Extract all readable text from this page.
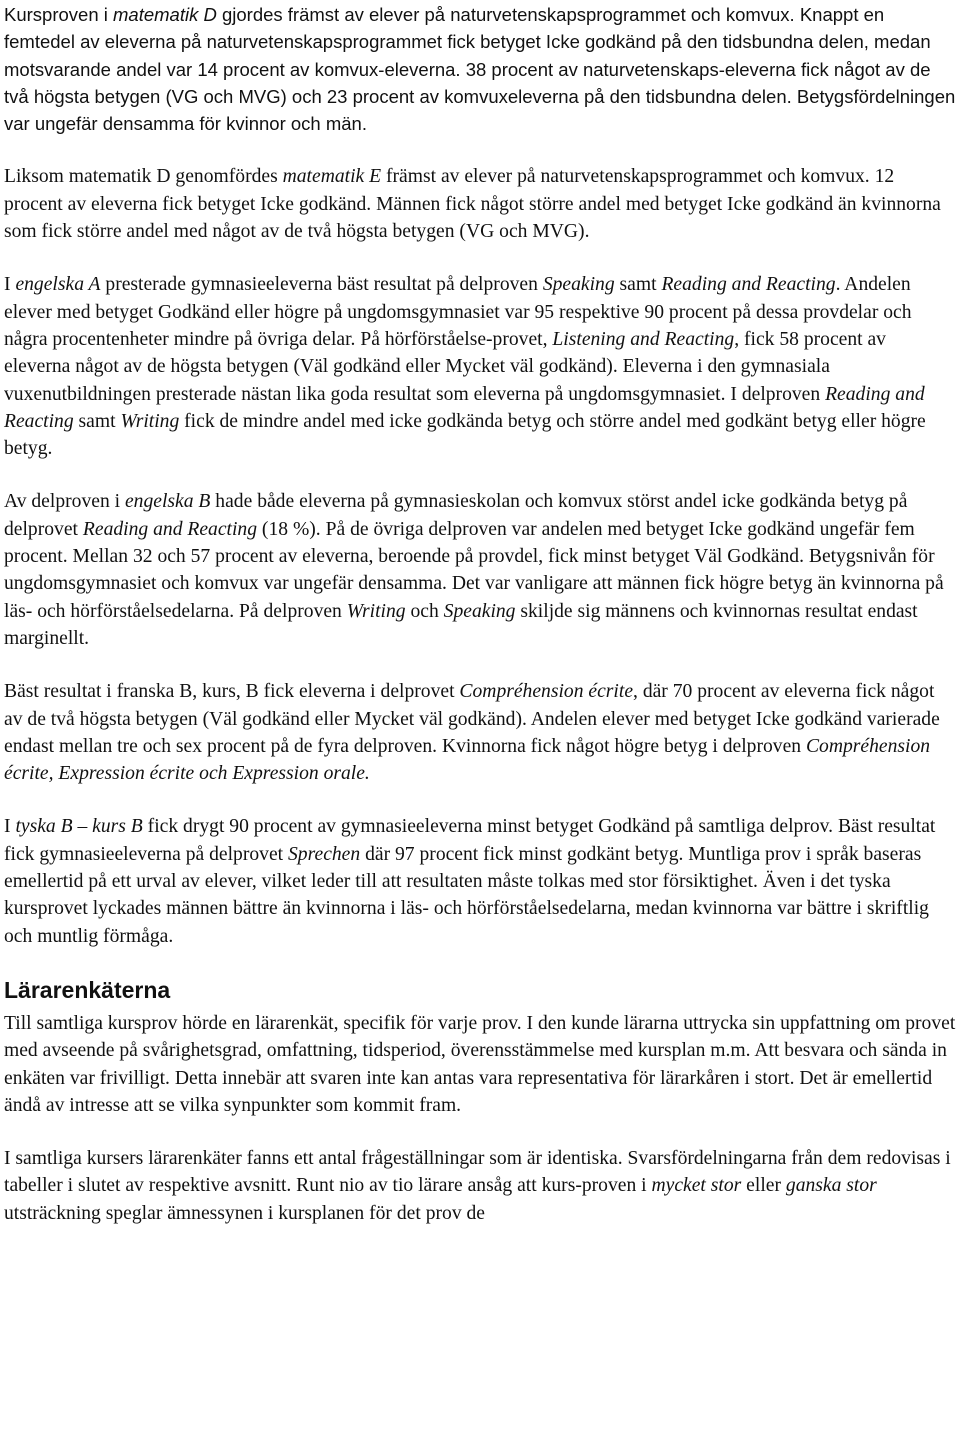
Kursproven i matematik D gjordes främst av elever på naturvetenskapsprogrammet och komvux. Knappt en femtedel av eleverna på naturvetenskapsprogrammet fick betyget Icke godkänd på den tidsbundna delen, medan motsvarande andel var 14 procent av komvux-eleverna. 38 procent av naturvetenskaps-eleverna fick något av de två högsta betygen (VG och MVG) och 23 procent av komvuxeleverna på den tidsbundna delen. Betygsfördelningen var ungefär densamma för kvinnor och män.

Liksom matematik D genomfördes matematik E främst av elever på naturvetenskapsprogrammet och komvux. 12 procent av eleverna fick betyget Icke godkänd. Männen fick något större andel med betyget Icke godkänd än kvinnorna som fick större andel med något av de två högsta betygen (VG och MVG).

I engelska A presterade gymnasieeleverna bäst resultat på delproven Speaking samt Reading and Reacting. Andelen elever med betyget Godkänd eller högre på ungdomsgymnasiet var 95 respektive 90 procent på dessa provdelar och några procentenheter mindre på övriga delar. På hörförståelse-provet, Listening and Reacting, fick 58 procent av eleverna något av de högsta betygen (Väl godkänd eller Mycket väl godkänd). Eleverna i den gymnasiala vuxenutbildningen presterade nästan lika goda resultat som eleverna på ungdomsgymnasiet. I delproven Reading and Reacting samt Writing fick de mindre andel med icke godkända betyg och större andel med godkänt betyg eller högre betyg.

Av delproven i engelska B hade både eleverna på gymnasieskolan och komvux störst andel icke godkända betyg på delprovet Reading and Reacting (18 %). På de övriga delproven var andelen med betyget Icke godkänd ungefär fem procent. Mellan 32 och 57 procent av eleverna, beroende på provdel, fick minst betyget Väl Godkänd. Betygsnivån för ungdomsgymnasiet och komvux var ungefär densamma. Det var vanligare att männen fick högre betyg än kvinnorna på läs- och hörförståelsedelarna. På delproven Writing och Speaking skiljde sig männens och kvinnornas resultat endast marginellt.

Bäst resultat i franska B, kurs, B fick eleverna i delprovet Compréhension écrite, där 70 procent av eleverna fick något av de två högsta betygen (Väl godkänd eller Mycket väl godkänd). Andelen elever med betyget Icke godkänd varierade endast mellan tre och sex procent på de fyra delproven. Kvinnorna fick något högre betyg i delproven Compréhension écrite, Expression écrite och Expression orale.

I tyska B – kurs B fick drygt 90 procent av gymnasieeleverna minst betyget Godkänd på samtliga delprov. Bäst resultat fick gymnasieeleverna på delprovet Sprechen där 97 procent fick minst godkänt betyg. Muntliga prov i språk baseras emellertid på ett urval av elever, vilket leder till att resultaten måste tolkas med stor försiktighet. Även i det tyska kursprovet lyckades männen bättre än kvinnorna i läs- och hörförståelsedelarna, medan kvinnorna var bättre i skriftlig och muntlig förmåga.

Lärarenkäterna

Till samtliga kursprov hörde en lärarenkät, specifik för varje prov. I den kunde lärarna uttrycka sin uppfattning om provet med avseende på svårighetsgrad, omfattning, tidsperiod, överensstämmelse med kursplan m.m. Att besvara och sända in enkäten var frivilligt. Detta innebär att svaren inte kan antas vara representativa för lärarkåren i stort. Det är emellertid ändå av intresse att se vilka synpunkter som kommit fram.

I samtliga kursers lärarenkäter fanns ett antal frågeställningar som är identiska. Svarsfördelningarna från dem redovisas i tabeller i slutet av respektive avsnitt. Runt nio av tio lärare ansåg att kurs-proven i mycket stor eller ganska stor utsträckning speglar ämnessynen i kursplanen för det prov de
